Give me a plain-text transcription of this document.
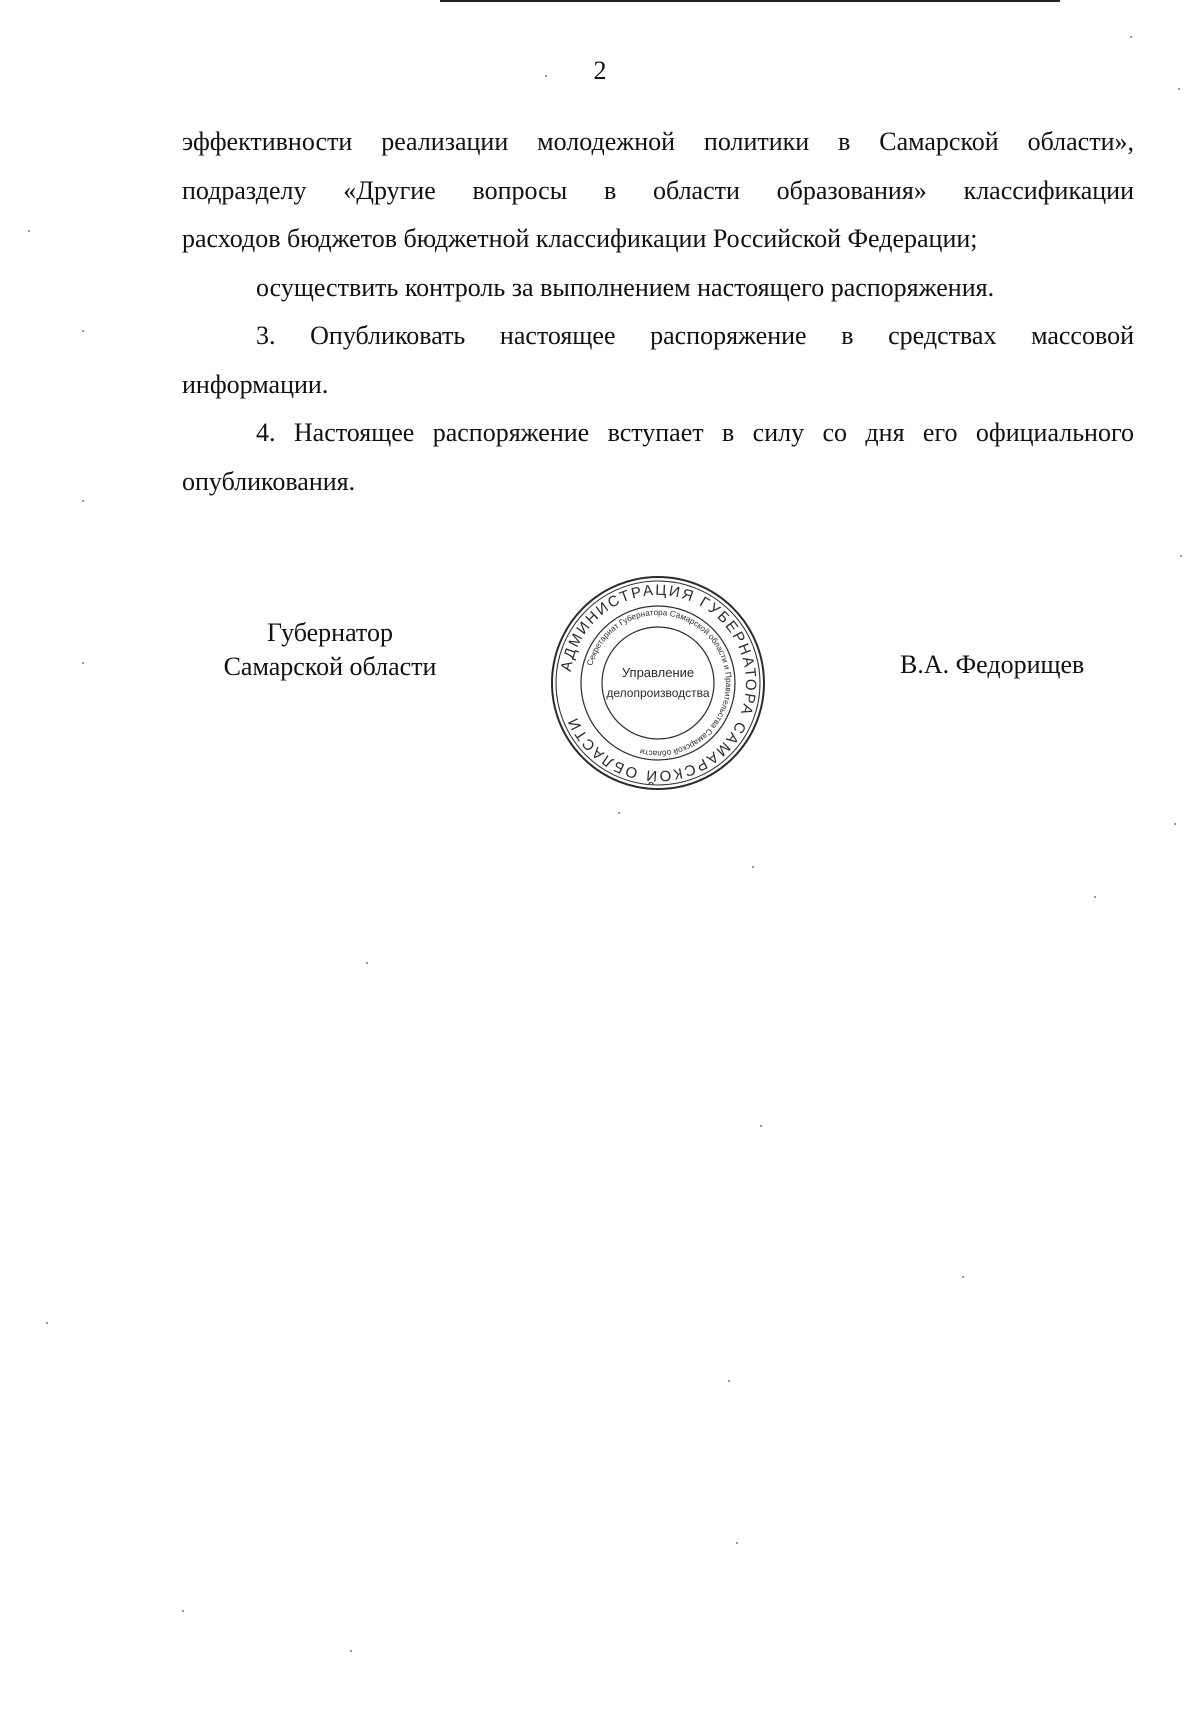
2
эффективности реализации молодежной политики в Самарской области»,
подразделу «Другие вопросы в области образования» классификации
расходов бюджетов бюджетной классификации Российской Федерации;
осуществить контроль за выполнением настоящего распоряжения.
3. Опубликовать настоящее распоряжение в средствах массовой
информации.
4. Настоящее распоряжение вступает в силу со дня его официального
опубликования.
Губернатор
Самарской области	АДМИНИСТРАЦИЯ ГУБЕРНАТОРА САМАРСКОЙ ОБЛАСТИ
Секретариат Губернатора Самарской области и Правительства Самарской области
Управление
делопроизводства
В.А. Федорищев
